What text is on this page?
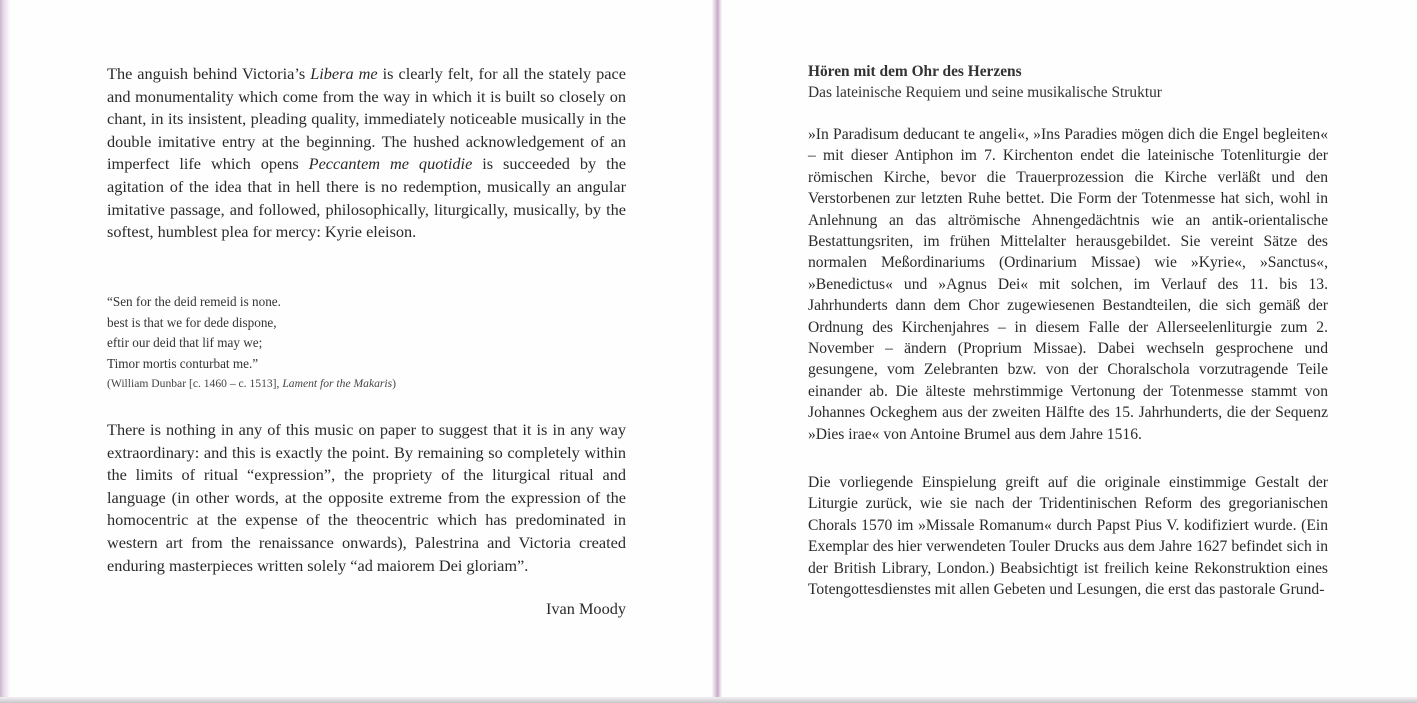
The anguish behind Victoria’s Libera me is clearly felt, for all the stately pace and monumentality which come from the way in which it is built so closely on chant, in its insistent, pleading quality, immediately noticeable musically in the double imitative entry at the beginning. The hushed acknowledgement of an imperfect life which opens Peccantem me quotidie is succeeded by the agitation of the idea that in hell there is no redemption, musically an angular imitative passage, and followed, philosophically, liturgically, musically, by the softest, humblest plea for mercy: Kyrie eleison.

“Sen for the deid remeid is none.
best is that we for dede dispone,
eftir our deid that lif may we;
Timor mortis conturbat me.”
(William Dunbar [c. 1460 – c. 1513], Lament for the Makaris)

There is nothing in any of this music on paper to suggest that it is in any way extraordinary: and this is exactly the point. By remaining so completely within the limits of ritual “expression”, the propriety of the liturgical ritual and language (in other words, at the opposite extreme from the expression of the homocentric at the expense of the theocentric which has predominated in western art from the renaissance onwards), Palestrina and Victoria created enduring masterpieces written solely “ad maiorem Dei gloriam”.

Ivan Moody
Hören mit dem Ohr des Herzens
Das lateinische Requiem und seine musikalische Struktur

»In Paradisum deducant te angeli«, »Ins Paradies mögen dich die Engel begleiten« – mit dieser Antiphon im 7. Kirchenton endet die lateinische Totenliturgie der römischen Kirche, bevor die Trauerprozession die Kirche verläßt und den Verstorbenen zur letzten Ruhe bettet. Die Form der Totenmesse hat sich, wohl in Anlehnung an das altrömische Ahnengedächtnis wie an antik-orientalische Bestattungsriten, im frühen Mittelalter herausgebildet. Sie vereint Sätze des normalen Meßordinariums (Ordinarium Missae) wie »Kyrie«, »Sanctus«, »Benedictus« und »Agnus Dei« mit solchen, im Verlauf des 11. bis 13. Jahrhunderts dann dem Chor zugewiesenen Bestandteilen, die sich gemäß der Ordnung des Kirchenjahres – in diesem Falle der Allerseelenliturgie zum 2. November – ändern (Proprium Missae). Dabei wechseln gesprochene und gesungene, vom Zelebranten bzw. von der Choralschola vorzutragende Teile einander ab. Die älteste mehrstimmige Vertonung der Totenmesse stammt von Johannes Ockeghem aus der zweiten Hälfte des 15. Jahrhunderts, die der Sequenz »Dies irae« von Antoine Brumel aus dem Jahre 1516.

Die vorliegende Einspielung greift auf die originale einstimmige Gestalt der Liturgie zurück, wie sie nach der Tridentinischen Reform des gregorianischen Chorals 1570 im »Missale Romanum« durch Papst Pius V. kodifiziert wurde. (Ein Exemplar des hier verwendeten Touler Drucks aus dem Jahre 1627 befindet sich in der British Library, London.) Beabsichtigt ist freilich keine Rekonstruktion eines Totengottesdienstes mit allen Gebeten und Lesungen, die erst das pastorale Grund-
